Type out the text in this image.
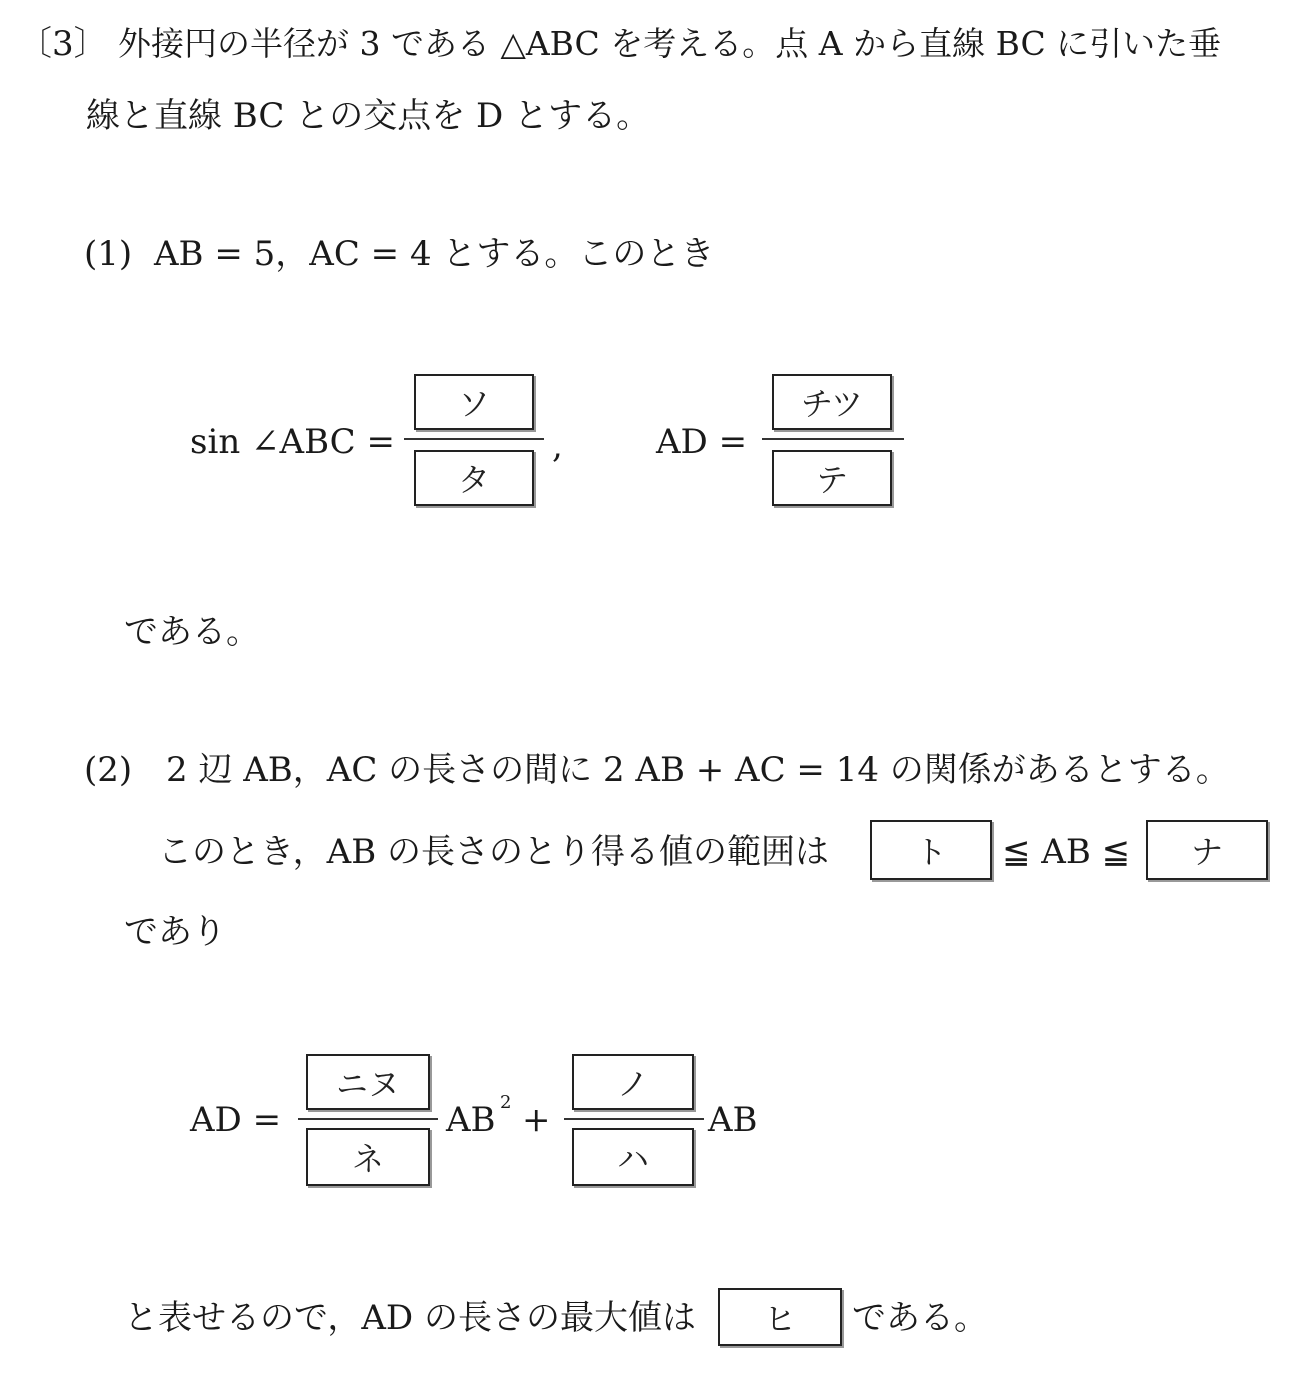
〔3〕 外接円の半径が 3 である △ABC を考える。点 A から直線 BC に引いた垂
線と直線 BC との交点を D とする。
(1) AB = 5，AC = 4 とする。このとき
sin ∠ABC =
ソ
タ
,	AD =
チツ
テ
である。
(2) 2 辺 AB，AC の長さの間に 2 AB + AC = 14 の関係があるとする。
このとき，AB の長さのとり得る値の範囲は	ト	≦ AB ≦	ナ
であり
AD =
ニヌ
ネ
AB 2 +
ノ
ハ
AB
と表せるので，AD の長さの最大値は	ヒ	である。
